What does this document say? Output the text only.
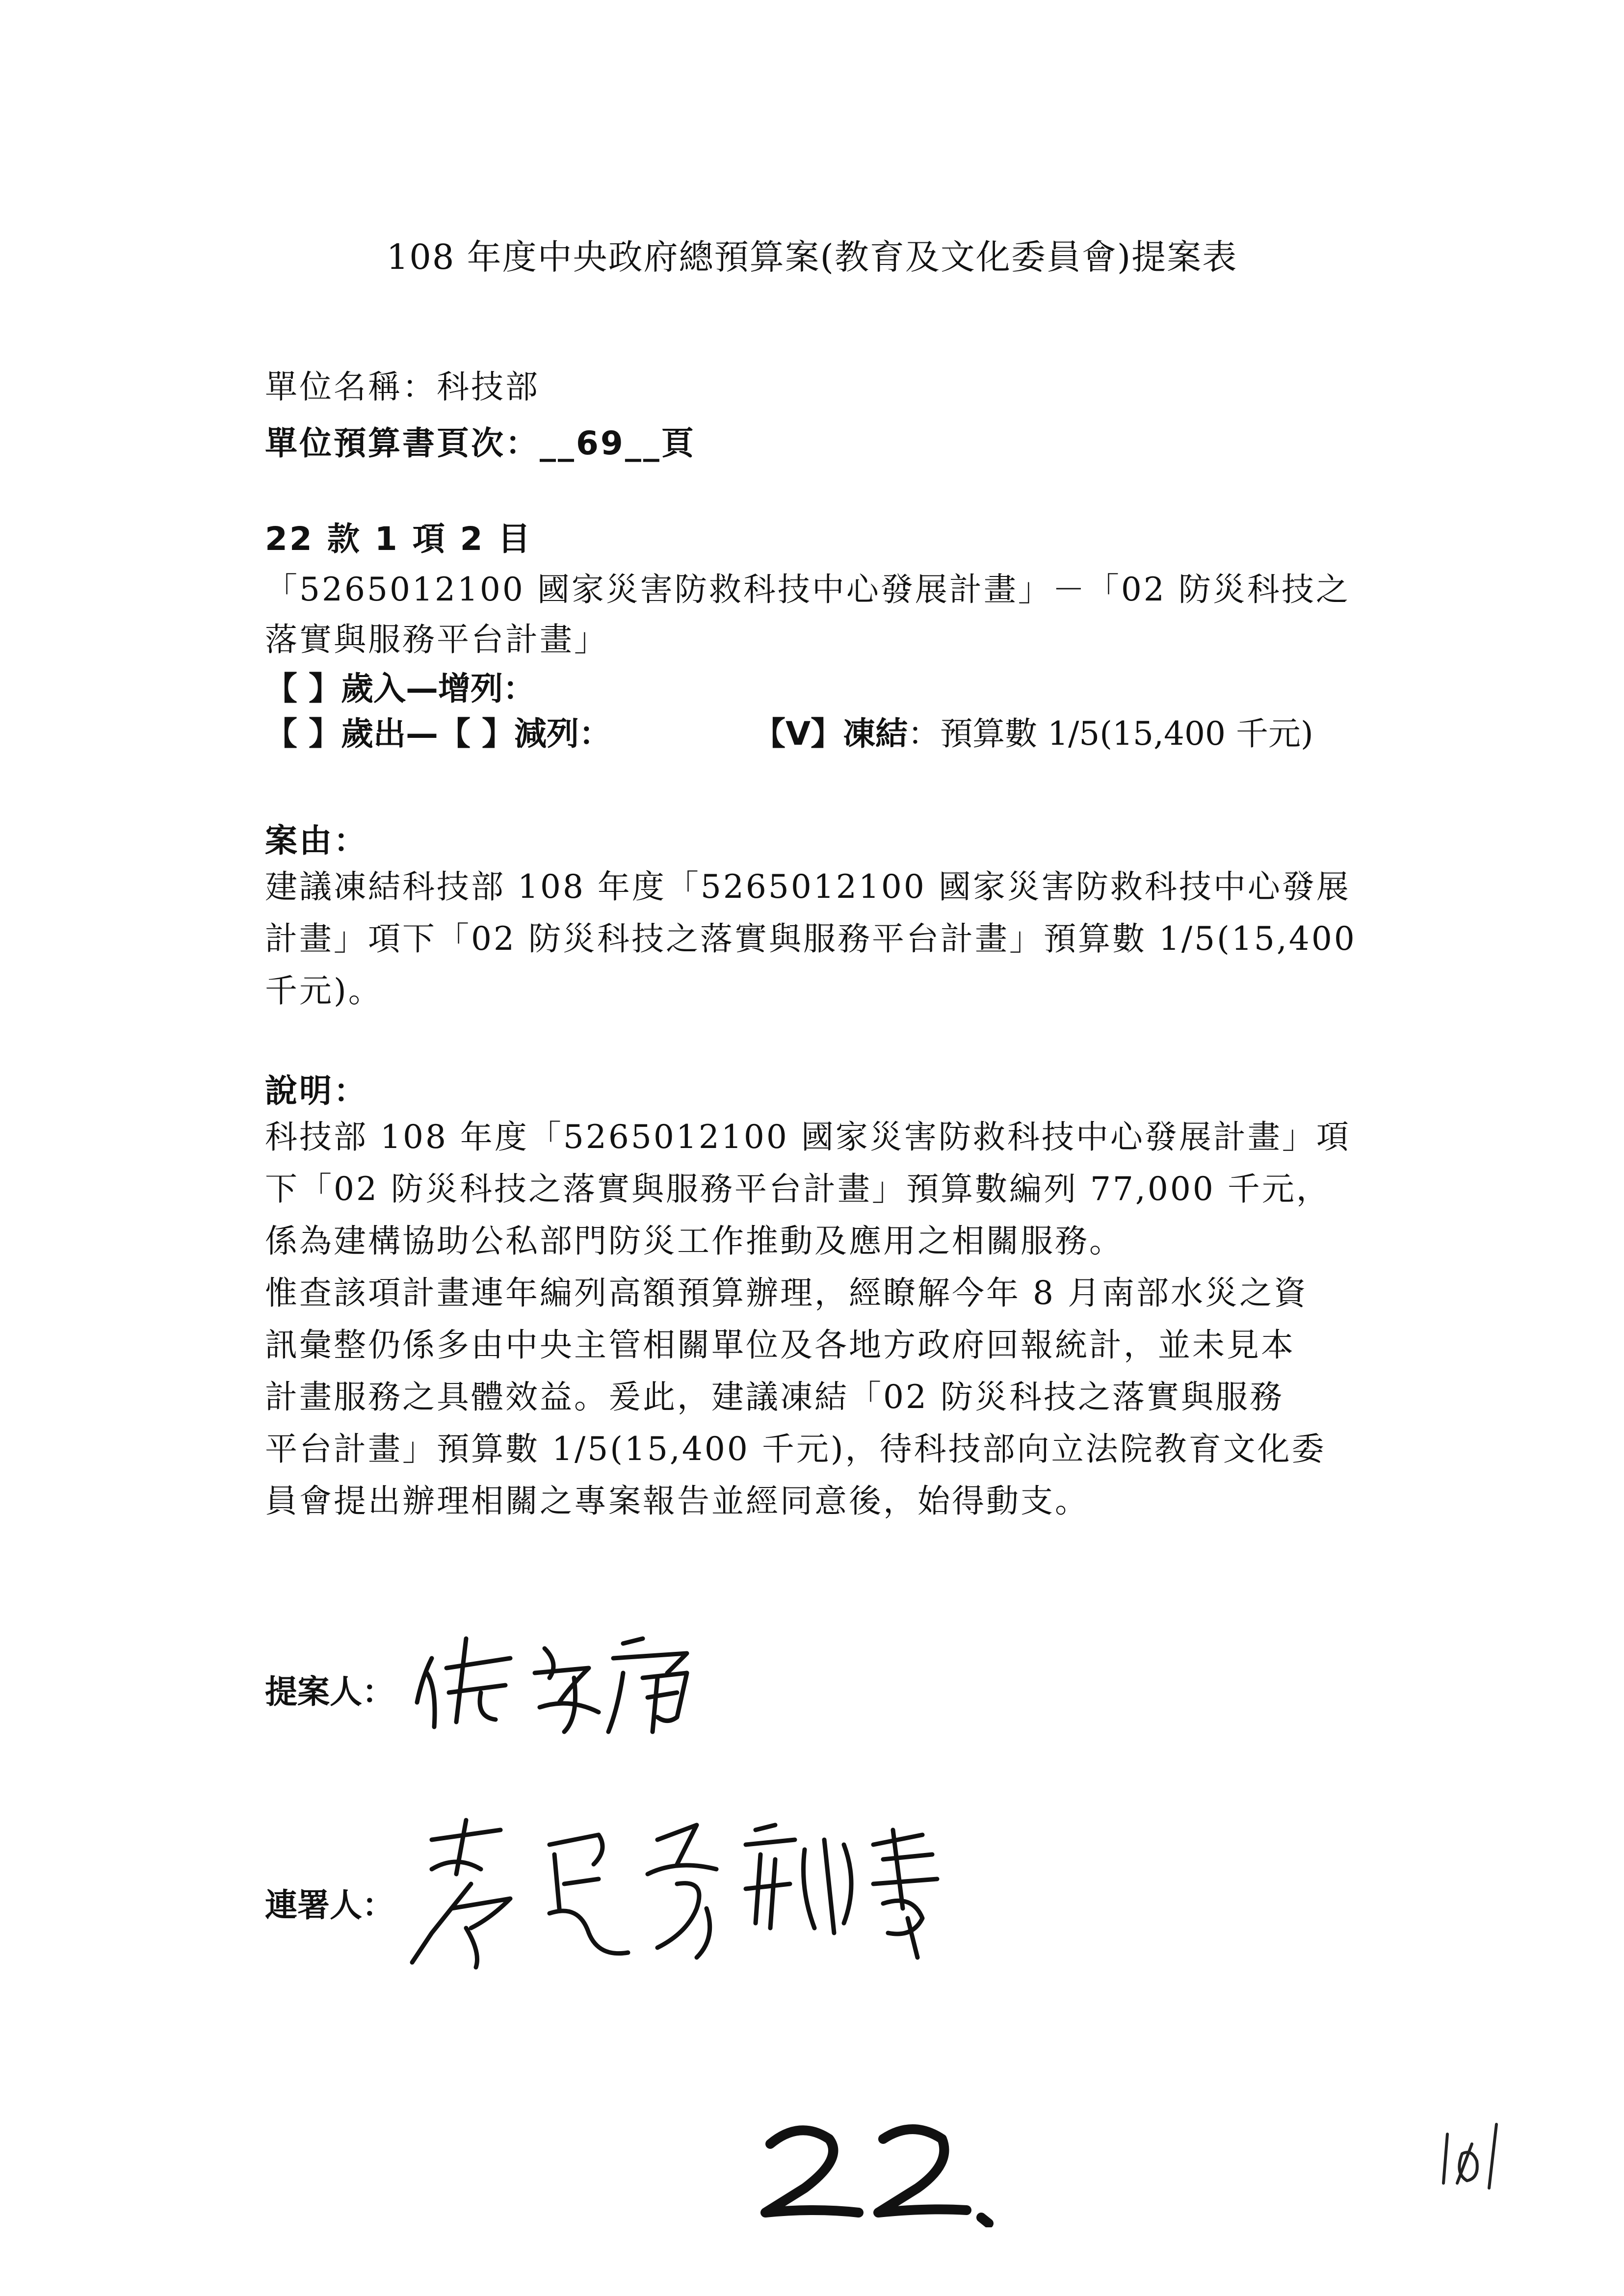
108 年度中央政府總預算案(教育及文化委員會)提案表
單位名稱：科技部
單位預算書頁次：__69__頁
22 款 1 項 2 目
「5265012100 國家災害防救科技中心發展計畫」－「02 防災科技之
落實與服務平台計畫」
【 】歲入—增列：
【 】歲出—【 】減列：	【V】凍結：預算數 1/5(15,400 千元)
案由：

建議凍結科技部 108 年度「5265012100 國家災害防救科技中心發展

計畫」項下「02 防災科技之落實與服務平台計畫」預算數 1/5(15,400

千元)。

說明：

科技部 108 年度「5265012100 國家災害防救科技中心發展計畫」項

下「02 防災科技之落實與服務平台計畫」預算數編列 77,000 千元，

係為建構協助公私部門防災工作推動及應用之相關服務。

惟查該項計畫連年編列高額預算辦理，經瞭解今年 8 月南部水災之資

訊彙整仍係多由中央主管相關單位及各地方政府回報統計，並未見本

計畫服務之具體效益。爰此，建議凍結「02 防災科技之落實與服務

平台計畫」預算數 1/5(15,400 千元)，待科技部向立法院教育文化委

員會提出辦理相關之專案報告並經同意後，始得動支。

提案人：
連署人：
